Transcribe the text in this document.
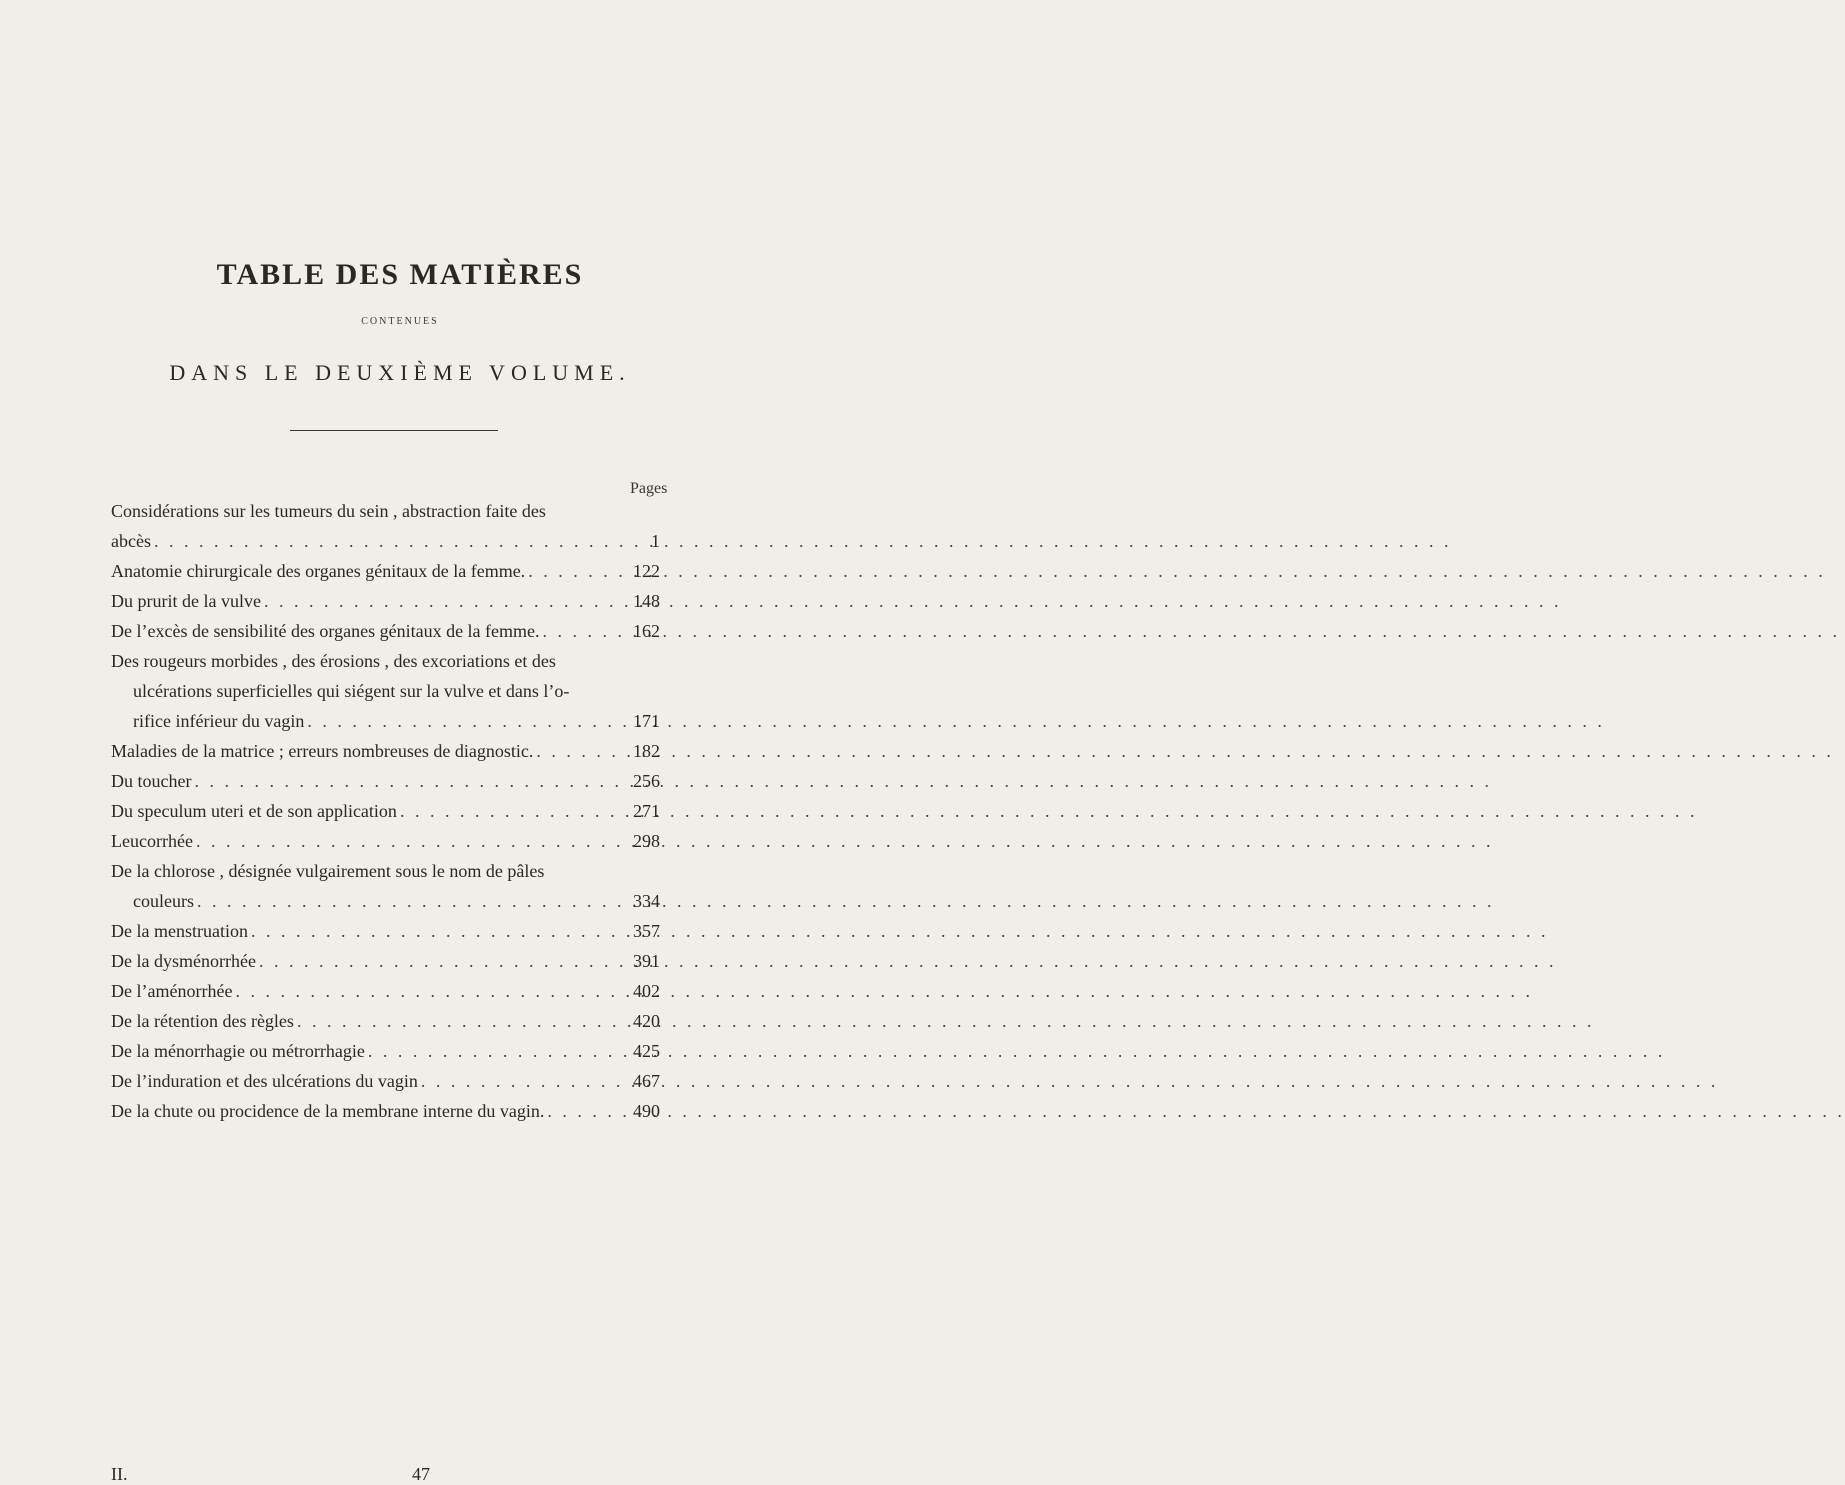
TABLE DES MATIÈRES
CONTENUES
DANS LE DEUXIÈME VOLUME.
Pages
Considérations sur les tumeurs du sein , abstraction faite des
abcès . . .	1
Anatomie chirurgicale des organes génitaux de la femme. . . .	122
Du prurit de la vulve . . .	148
De l’excès de sensibilité des organes génitaux de la femme. . . .	162
Des rougeurs morbides , des érosions , des excoriations et des
ulcérations superficielles qui siégent sur la vulve et dans l’o-
rifice inférieur du vagin . . .	171
Maladies de la matrice ; erreurs nombreuses de diagnostic. . . .	182
Du toucher . . .	256
Du speculum uteri et de son application . . .	271
Leucorrhée . . .	298
De la chlorose , désignée vulgairement sous le nom de pâles
couleurs . . .	334
De la menstruation . . .	357
De la dysménorrhée . . .	391
De l’aménorrhée . . .	402
De la rétention des règles . . .	420
De la ménorrhagie ou métrorrhagie . . .	425
De l’induration et des ulcérations du vagin . . .	467
De la chute ou procidence de la membrane interne du vagin. . . .	490
II.	47
